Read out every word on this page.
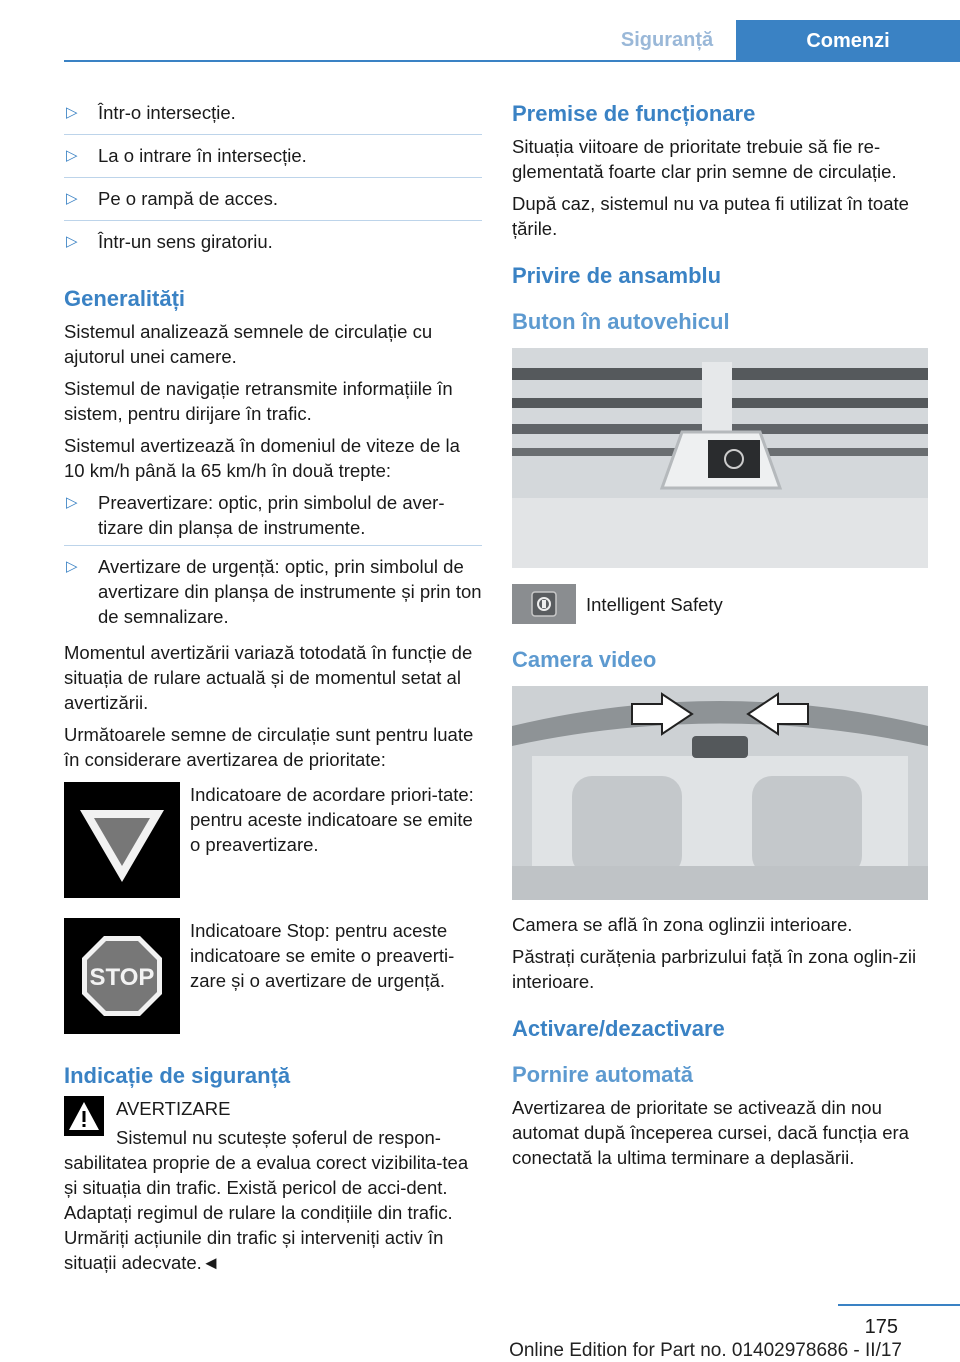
Siguranță	Comenzi
▷ Într-o intersecție.
▷ La o intrare în intersecție.
▷ Pe o rampă de acces.
▷ Într-un sens giratoriu.
Generalități

Sistemul analizează semnele de circulație cu ajutorul unei camere.

Sistemul de navigație retransmite informațiile în sistem, pentru dirijare în trafic.

Sistemul avertizează în domeniul de viteze de la 10 km/h până la 65 km/h în două trepte:

▷ Preavertizare: optic, prin simbolul de aver-tizare din planșa de instrumente.
▷ Avertizare de urgență: optic, prin simbolul de avertizare din planșa de instrumente și prin ton de semnalizare.

Momentul avertizării variază totodată în funcție de situația de rulare actuală și de momentul setat al avertizării.

Următoarele semne de circulație sunt pentru luate în considerare avertizarea de prioritate:

Indicatoare de acordare priori-tate: pentru aceste indicatoare se emite o preavertizare.
STOP
Indicatoare Stop: pentru aceste indicatoare se emite o preaverti-zare și o avertizare de urgență.
Indicație de siguranță
AVERTIZARE

Sistemul nu scutește șoferul de respon-sabilitatea proprie de a evalua corect vizibilita-tea și situația din trafic. Există pericol de acci-dent. Adaptați regimul de rulare la condițiile din trafic. Urmăriți acțiunile din trafic și interveniți activ în situații adecvate.◄

Premise de funcționare

Situația viitoare de prioritate trebuie să fie re-glementată foarte clar prin semne de circulație.

După caz, sistemul nu va putea fi utilizat în toate țările.

Privire de ansamblu
Buton în autovehicul
Intelligent Safety
Camera video

Camera se află în zona oglinzii interioare.

Păstrați curățenia parbrizului față în zona oglin-zii interioare.

Activare/dezactivare
Pornire automată

Avertizarea de prioritate se activează din nou automat după începerea cursei, dacă funcția era conectată la ultima terminare a deplasării.

175
Online Edition for Part no. 01402978686 - II/17
